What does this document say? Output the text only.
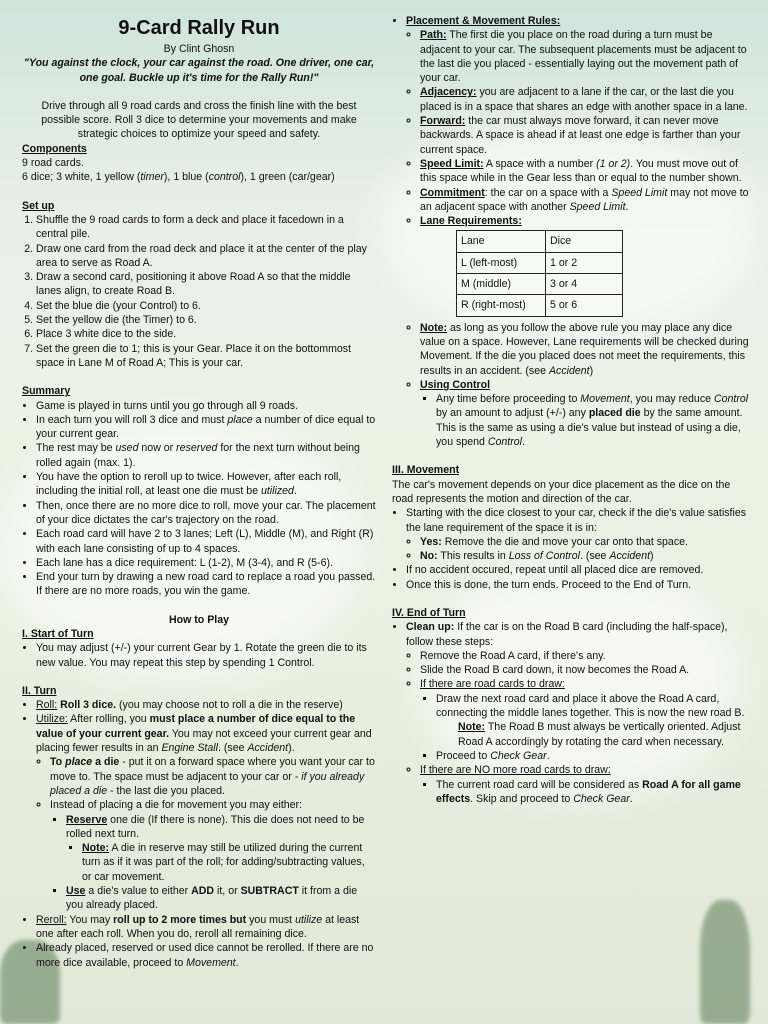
9-Card Rally Run

By Clint Ghosn

"You against the clock, your car against the road. One driver, one car, one goal. Buckle up it's time for the Rally Run!"

Drive through all 9 road cards and cross the finish line with the best possible score. Roll 3 dice to determine your movements and make strategic choices to optimize your speed and safety.

Components

9 road cards.

6 dice; 3 white, 1 yellow (timer), 1 blue (control), 1 green (car/gear)

Set up

1. Shuffle the 9 road cards to form a deck and place it facedown in a central pile.
2. Draw one card from the road deck and place it at the center of the play area to serve as Road A.
3. Draw a second card, positioning it above Road A so that the middle lanes align, to create Road B.
4. Set the blue die (your Control) to 6.
5. Set the yellow die (the Timer) to 6.
6. Place 3 white dice to the side.
7. Set the green die to 1; this is your Gear. Place it on the bottommost space in Lane M of Road A; This is your car.

Summary

• Game is played in turns until you go through all 9 roads.
• In each turn you will roll 3 dice and must place a number of dice equal to your current gear.
• The rest may be used now or reserved for the next turn without being rolled again (max. 1).
• You have the option to reroll up to twice. However, after each roll, including the initial roll, at least one die must be utilized.
• Then, once there are no more dice to roll, move your car. The placement of your dice dictates the car's trajectory on the road.
• Each road card will have 2 to 3 lanes; Left (L), Middle (M), and Right (R) with each lane consisting of up to 4 spaces.
• Each lane has a dice requirement: L (1-2), M (3-4), and R (5-6).
• End your turn by drawing a new road card to replace a road you passed. If there are no more roads, you win the game.

How to Play

I. Start of Turn

• You may adjust (+/-) your current Gear by 1. Rotate the green die to its new value. You may repeat this step by spending 1 Control.

II. Turn

• Roll: Roll 3 dice. (you may choose not to roll a die in the reserve)
• Utilize: After rolling, you must place a number of dice equal to the value of your current gear. You may not exceed your current gear and placing fewer results in an Engine Stall. (see Accident).
◦ To place a die - put it on a forward space where you want your car to move to. The space must be adjacent to your car or - if you already placed a die - the last die you placed.
◦ Instead of placing a die for movement you may either:
▪ Reserve one die (If there is none). This die does not need to be rolled next turn.
▪ Note: A die in reserve may still be utilized during the current turn as if it was part of the roll; for adding/subtracting values, or car movement.
▪ Use a die's value to either ADD it, or SUBTRACT it from a die you already placed.
• Reroll: You may roll up to 2 more times but you must utilize at least one after each roll. When you do, reroll all remaining dice.
• Already placed, reserved or used dice cannot be rerolled. If there are no more dice available, proceed to Movement.
• Placement & Movement Rules:
◦ Path: The first die you place on the road during a turn must be adjacent to your car. The subsequent placements must be adjacent to the last die you placed - essentially laying out the movement path of your car.
◦ Adjacency: you are adjacent to a lane if the car, or the last die you placed is in a space that shares an edge with another space in a lane.
◦ Forward: the car must always move forward, it can never move backwards. A space is ahead if at least one edge is farther than your current space.
◦ Speed Limit: A space with a number (1 or 2). You must move out of this space while in the Gear less than or equal to the number shown.
◦ Commitment: the car on a space with a Speed Limit may not move to an adjacent space with another Speed Limit.
◦ Lane Requirements:
Lane	Dice
L (left-most)	1 or 2
M (middle)	3 or 4
R (right-most)	5 or 6
◦ Note: as long as you follow the above rule you may place any dice value on a space. However, Lane requirements will be checked during Movement. If the die you placed does not meet the requirements, this results in an accident. (see Accident)
◦ Using Control
▪ Any time before proceeding to Movement, you may reduce Control by an amount to adjust (+/-) any placed die by the same amount. This is the same as using a die's value but instead of using a die, you spend Control.

III. Movement

The car's movement depends on your dice placement as the dice on the road represents the motion and direction of the car.

• Starting with the dice closest to your car, check if the die's value satisfies the lane requirement of the space it is in:
◦ Yes: Remove the die and move your car onto that space.
◦ No: This results in Loss of Control. (see Accident)
• If no accident occured, repeat until all placed dice are removed.
• Once this is done, the turn ends. Proceed to the End of Turn.

IV. End of Turn

• Clean up: If the car is on the Road B card (including the half-space), follow these steps:
◦ Remove the Road A card, if there's any.
◦ Slide the Road B card down, it now becomes the Road A.
◦ If there are road cards to draw:
▪ Draw the next road card and place it above the Road A card, connecting the middle lanes together. This is now the new road B.
Note: The Road B must always be vertically oriented. Adjust Road A accordingly by rotating the card when necessary.
▪ Proceed to Check Gear.
◦ If there are NO more road cards to draw:
▪ The current road card will be considered as Road A for all game effects. Skip and proceed to Check Gear.
